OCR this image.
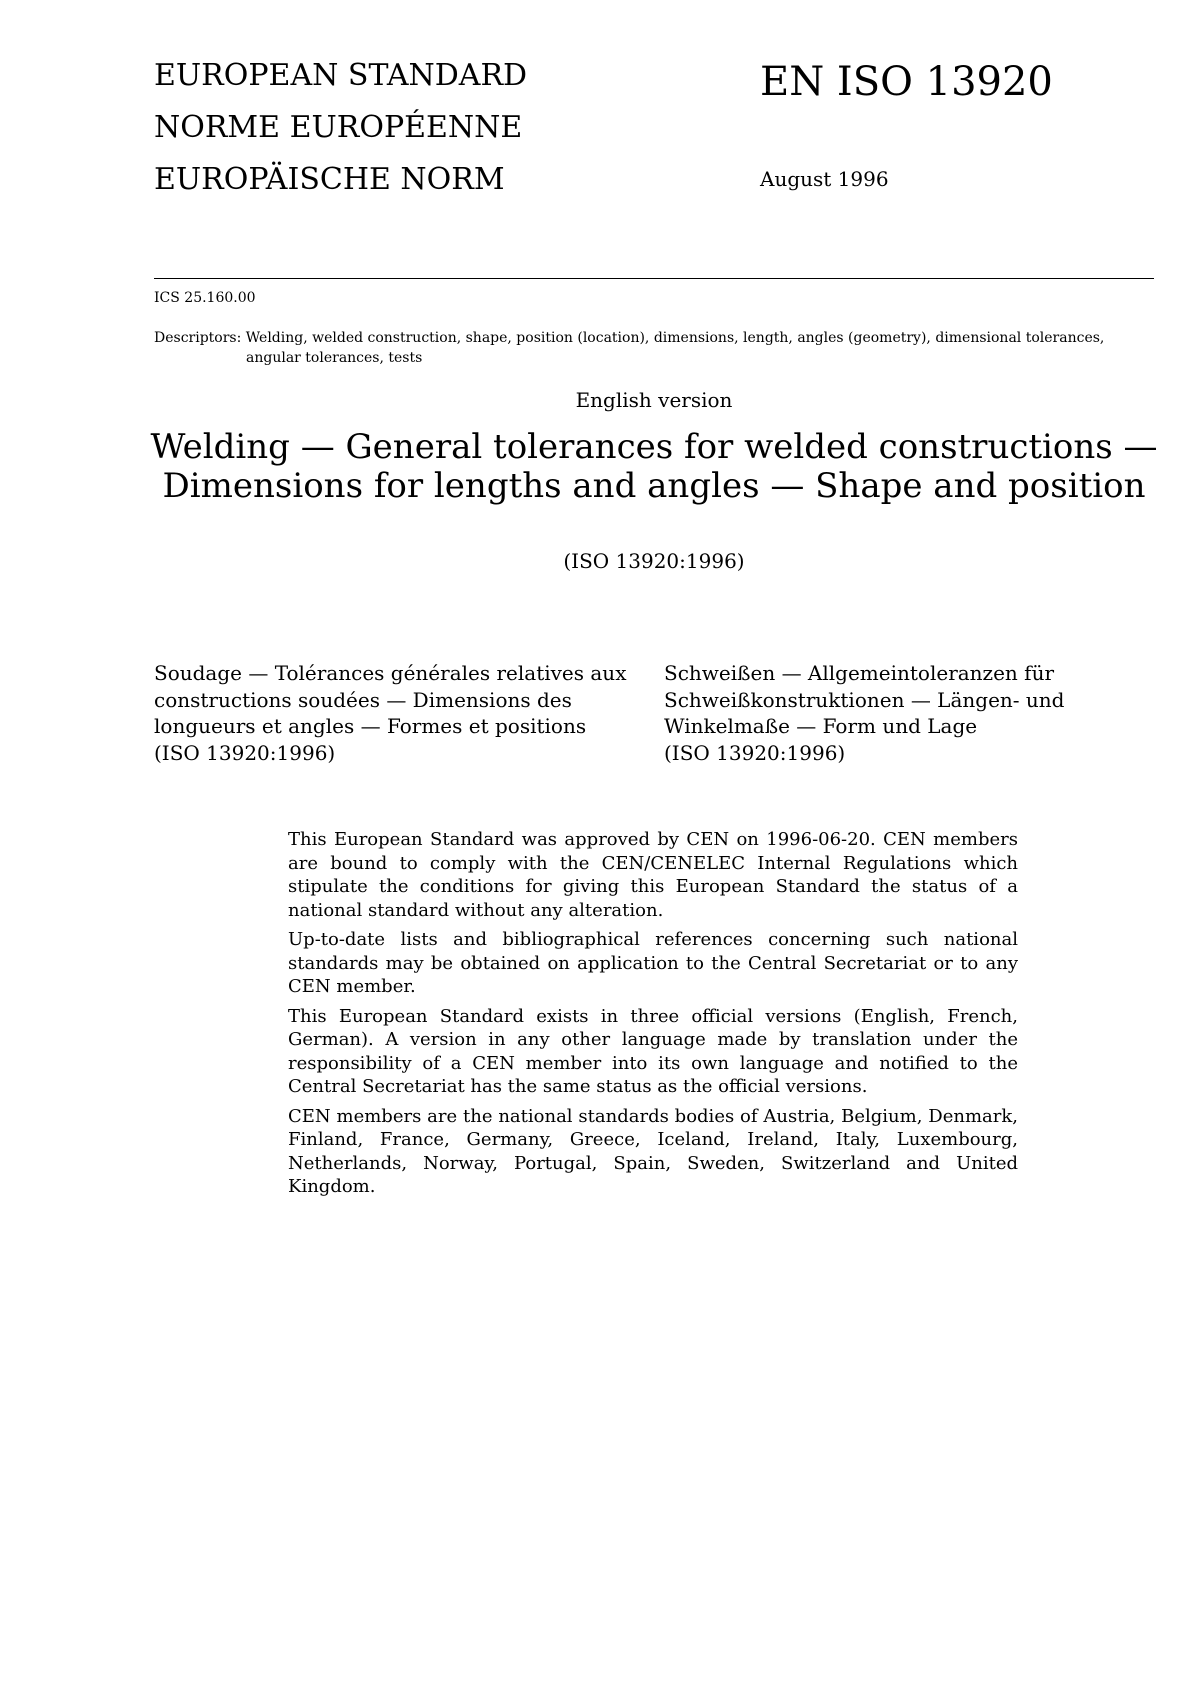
EUROPEAN STANDARD
NORME EUROPÉENNE
EUROPÄISCHE NORM
EN ISO 13920
August 1996
ICS 25.160.00
Descriptors: Welding, welded construction, shape, position (location), dimensions, length, angles (geometry), dimensional tolerances,
angular tolerances, tests
English version
Welding — General tolerances for welded constructions —
Dimensions for lengths and angles — Shape and position
(ISO 13920:1996)
Soudage — Tolérances générales relatives aux
constructions soudées — Dimensions des
longueurs et angles — Formes et positions
(ISO 13920:1996)
Schweißen — Allgemeintoleranzen für
Schweißkonstruktionen — Längen- und
Winkelmaße — Form und Lage
(ISO 13920:1996)

This European Standard was approved by CEN on 1996-06-20. CEN members are bound to comply with the CEN/CENELEC Internal Regulations which stipulate the conditions for giving this European Standard the status of a national standard without any alteration.

Up-to-date lists and bibliographical references concerning such national standards may be obtained on application to the Central Secretariat or to any CEN member.

This European Standard exists in three official versions (English, French, German). A version in any other language made by translation under the responsibility of a CEN member into its own language and notified to the Central Secretariat has the same status as the official versions.

CEN members are the national standards bodies of Austria, Belgium, Denmark, Finland, France, Germany, Greece, Iceland, Ireland, Italy, Luxembourg, Netherlands, Norway, Portugal, Spain, Sweden, Switzerland and United Kingdom.
